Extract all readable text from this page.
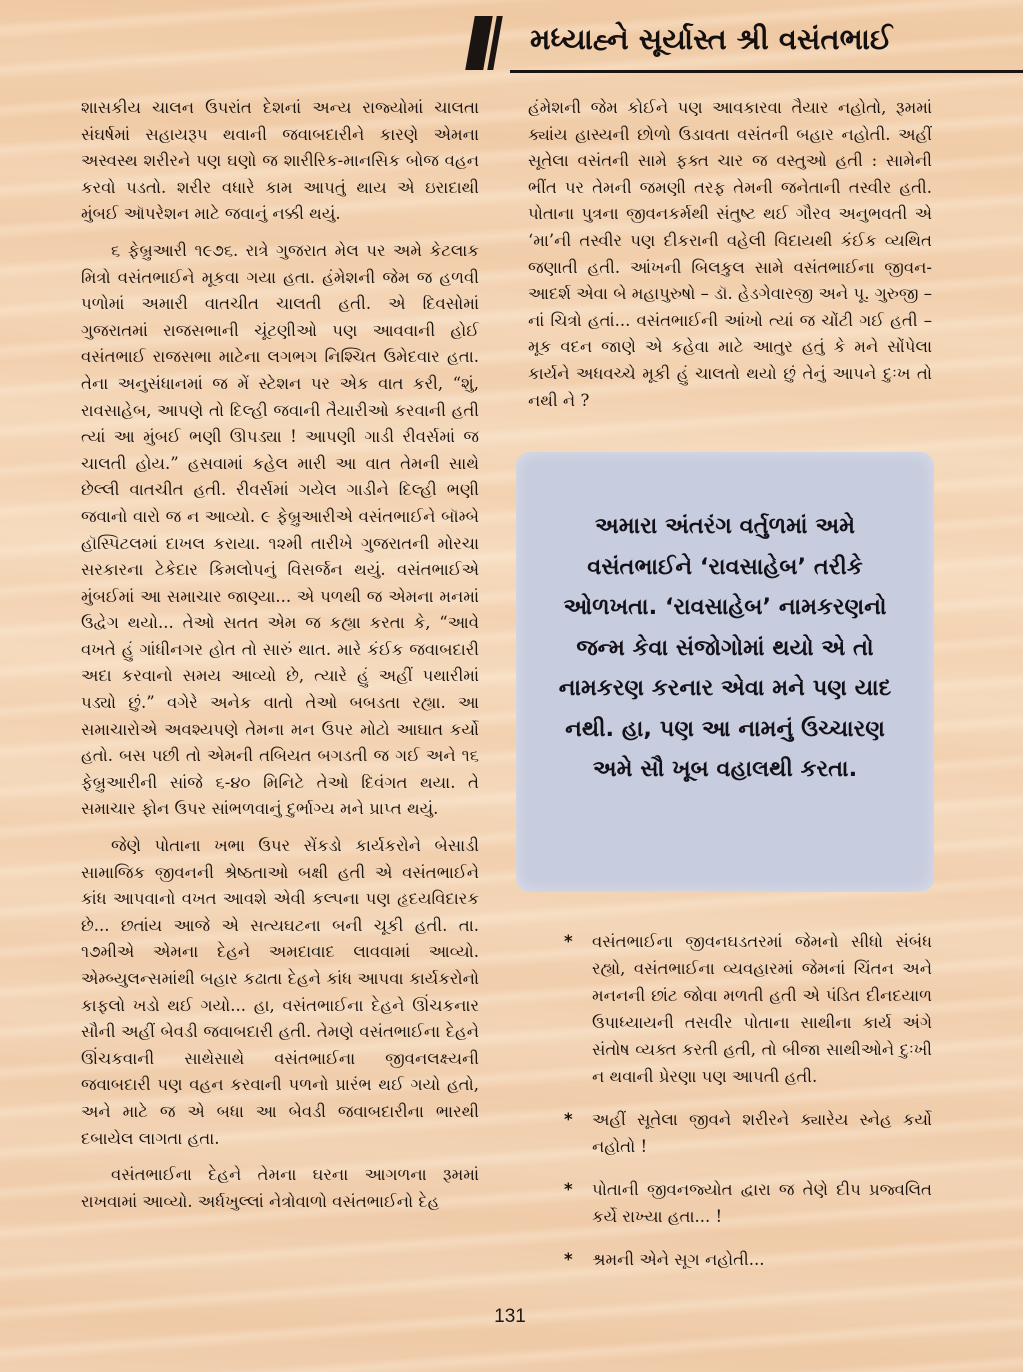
મધ્યાહ્ને સૂર્યાસ્ત શ્રી વસંતભાઈ

શાસકીય ચાલન ઉપરાંત દેશનાં અન્ય રાજ્યોમાં ચાલતા સંઘર્ષમાં સહાયરૂપ થવાની જવાબદારીને કારણે એમના અસ્વસ્થ શરીરને પણ ઘણો જ શારીરિક-માનસિક બોજ વહન કરવો પડતો. શરીર વધારે કામ આપતું થાય એ ઇરાદાથી મુંબઈ ઑપરેશન માટે જવાનું નક્કી થયું.

૬ ફેબ્રુઆરી ૧૯૭૬. રાત્રે ગુજરાત મેલ પર અમે કેટલાક મિત્રો વસંતભાઈને મૂકવા ગયા હતા. હંમેશની જેમ જ હળવી પળોમાં અમારી વાતચીત ચાલતી હતી. એ દિવસોમાં ગુજરાતમાં રાજસભાની ચૂંટણીઓ પણ આવવાની હોઈ વસંતભાઈ રાજસભા માટેના લગભગ નિશ્ચિત ઉમેદવાર હતા. તેના અનુસંધાનમાં જ મેં સ્ટેશન પર એક વાત કરી, “શું, રાવસાહેબ, આપણે તો દિલ્હી જવાની તૈયારીઓ કરવાની હતી ત્યાં આ મુંબઈ ભણી ઊપડ્યા ! આપણી ગાડી રીવર્સમાં જ ચાલતી હોય.” હસવામાં કહેલ મારી આ વાત તેમની સાથે છેલ્લી વાતચીત હતી. રીવર્સમાં ગયેલ ગાડીને દિલ્હી ભણી જવાનો વારો જ ન આવ્યો. ૯ ફેબ્રુઆરીએ વસંતભાઈને બૉમ્બે હૉસ્પિટલમાં દાખલ કરાયા. ૧૨મી તારીખે ગુજરાતની મોરચા સરકારના ટેકેદાર કિમલોપનું વિસર્જન થયું. વસંતભાઈએ મુંબઈમાં આ સમાચાર જાણ્યા... એ પળથી જ એમના મનમાં ઉદ્વેગ થયો... તેઓ સતત એમ જ કહ્યા કરતા કે, “આવે વખતે હું ગાંધીનગર હોત તો સારું થાત. મારે કંઈક જવાબદારી અદા કરવાનો સમય આવ્યો છે, ત્યારે હું અહીં પથારીમાં પડ્યો છું.” વગેરે અનેક વાતો તેઓ બબડતા રહ્યા. આ સમાચારોએ અવશ્યપણે તેમના મન ઉપર મોટો આઘાત કર્યો હતો. બસ પછી તો એમની તબિયત બગડતી જ ગઈ અને ૧૬ ફેબ્રુઆરીની સાંજે ૬-૪૦ મિનિટે તેઓ દિવંગત થયા. તે સમાચાર ફોન ઉપર સાંભળવાનું દુર્ભાગ્ય મને પ્રાપ્ત થયું.

જેણે પોતાના ખભા ઉપર સેંકડો કાર્યકરોને બેસાડી સામાજિક જીવનની શ્રેષ્ઠતાઓ બક્ષી હતી એ વસંતભાઈને કાંધ આપવાનો વખત આવશે એવી કલ્પના પણ હૃદયવિદારક છે... છતાંય આજે એ સત્યઘટના બની ચૂકી હતી. તા. ૧૭મીએ એમના દેહને અમદાવાદ લાવવામાં આવ્યો. એમ્બ્યુલન્સમાંથી બહાર કઢાતા દેહને કાંધ આપવા કાર્યકરોનો કાફલો ખડો થઈ ગયો... હા, વસંતભાઈના દેહને ઊંચકનાર સૌની અહીં બેવડી જવાબદારી હતી. તેમણે વસંતભાઈના દેહને ઊંચકવાની સાથેસાથે વસંતભાઈના જીવનલક્ષ્યની જવાબદારી પણ વહન કરવાની પળનો પ્રારંભ થઈ ગયો હતો, અને માટે જ એ બધા આ બેવડી જવાબદારીના ભારથી દબાયેલ લાગતા હતા.

વસંતભાઈના દેહને તેમના ઘરના આગળના રૂમમાં રાખવામાં આવ્યો. અર્ધખુલ્લાં નેત્રોવાળો વસંતભાઈનો દેહ

હંમેશની જેમ કોઈને પણ આવકારવા તૈયાર નહોતો, રૂમમાં ક્યાંય હાસ્યની છોળો ઉડાવતા વસંતની બહાર નહોતી. અહીં સૂતેલા વસંતની સામે ફક્ત ચાર જ વસ્તુઓ હતી : સામેની ભીંત પર તેમની જમણી તરફ તેમની જનેતાની તસ્વીર હતી. પોતાના પુત્રના જીવનકર્મથી સંતુષ્ટ થઈ ગૌરવ અનુભવતી એ ‘મા’ની તસ્વીર પણ દીકરાની વહેલી વિદાયથી કંઈક વ્યથિત જણાતી હતી. આંખની બિલકુલ સામે વસંતભાઈના જીવન-આદર્શ એવા બે મહાપુરુષો – ડૉ. હેડગેવારજી અને પૂ. ગુરુજી – નાં ચિત્રો હતાં... વસંતભાઈની આંખો ત્યાં જ ચોંટી ગઈ હતી – મૂક વદન જાણે એ કહેવા માટે આતુર હતું કે મને સોંપેલા કાર્યને અધવચ્ચે મૂકી હું ચાલતો થયો છું તેનું આપને દુઃખ તો નથી ને ?

અમારા અંતરંગ વર્તુળમાં અમે વસંતભાઈને ‘રાવસાહેબ’ તરીકે ઓળખતા. ‘રાવસાહેબ’ નામકરણનો જન્મ કેવા સંજોગોમાં થયો એ તો નામકરણ કરનાર એવા મને પણ યાદ નથી. હા, પણ આ નામનું ઉચ્ચારણ અમે સૌ ખૂબ વહાલથી કરતા.
* વસંતભાઈના જીવનઘડતરમાં જેમનો સીધો સંબંધ રહ્યો, વસંતભાઈના વ્યવહારમાં જેમનાં ચિંતન અને મનનની છાંટ જોવા મળતી હતી એ પંડિત દીનદયાળ ઉપાધ્યાયની તસવીર પોતાના સાથીના કાર્ય અંગે સંતોષ વ્યક્ત કરતી હતી, તો બીજા સાથીઓને દુઃખી ન થવાની પ્રેરણા પણ આપતી હતી.
* અહીં સૂતેલા જીવને શરીરને ક્યારેય સ્નેહ કર્યો નહોતો !
* પોતાની જીવનજ્યોત દ્વારા જ તેણે દીપ પ્રજ્વલિત કર્યે રાખ્યા હતા... !
* શ્રમની એને સૂગ નહોતી...
131
